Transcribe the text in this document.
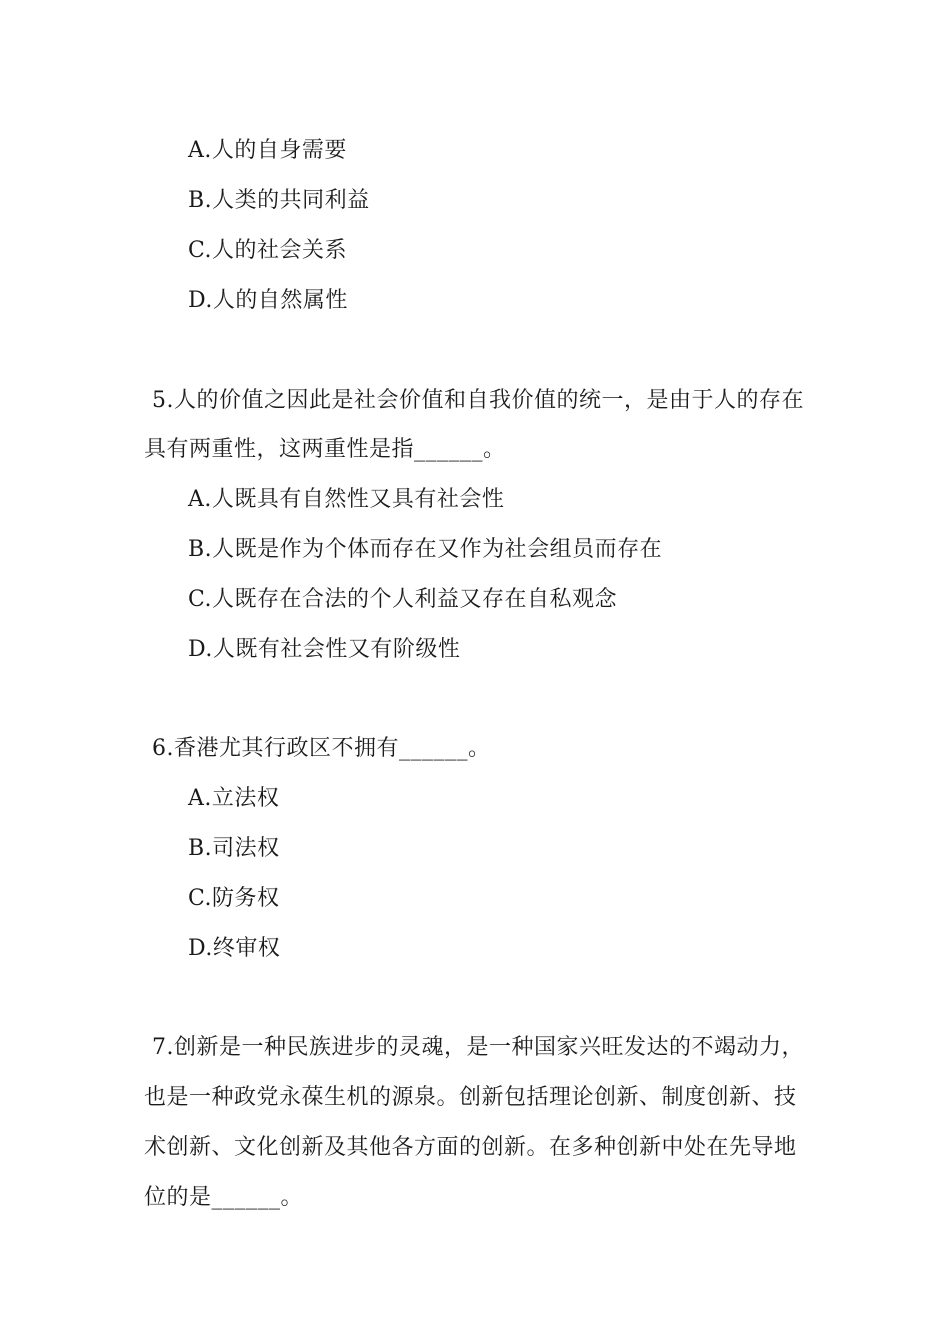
A.人的自身需要
B.人类的共同利益
C.人的社会关系
D.人的自然属性
5.人的价值之因此是社会价值和自我价值的统一，是由于人的存在
具有两重性，这两重性是指______。
A.人既具有自然性又具有社会性
B.人既是作为个体而存在又作为社会组员而存在
C.人既存在合法的个人利益又存在自私观念
D.人既有社会性又有阶级性
6.香港尤其行政区不拥有______。
A.立法权
B.司法权
C.防务权
D.终审权
7.创新是一种民族进步的灵魂，是一种国家兴旺发达的不竭动力，
也是一种政党永葆生机的源泉。创新包括理论创新、制度创新、技
术创新、文化创新及其他各方面的创新。在多种创新中处在先导地
位的是______。
